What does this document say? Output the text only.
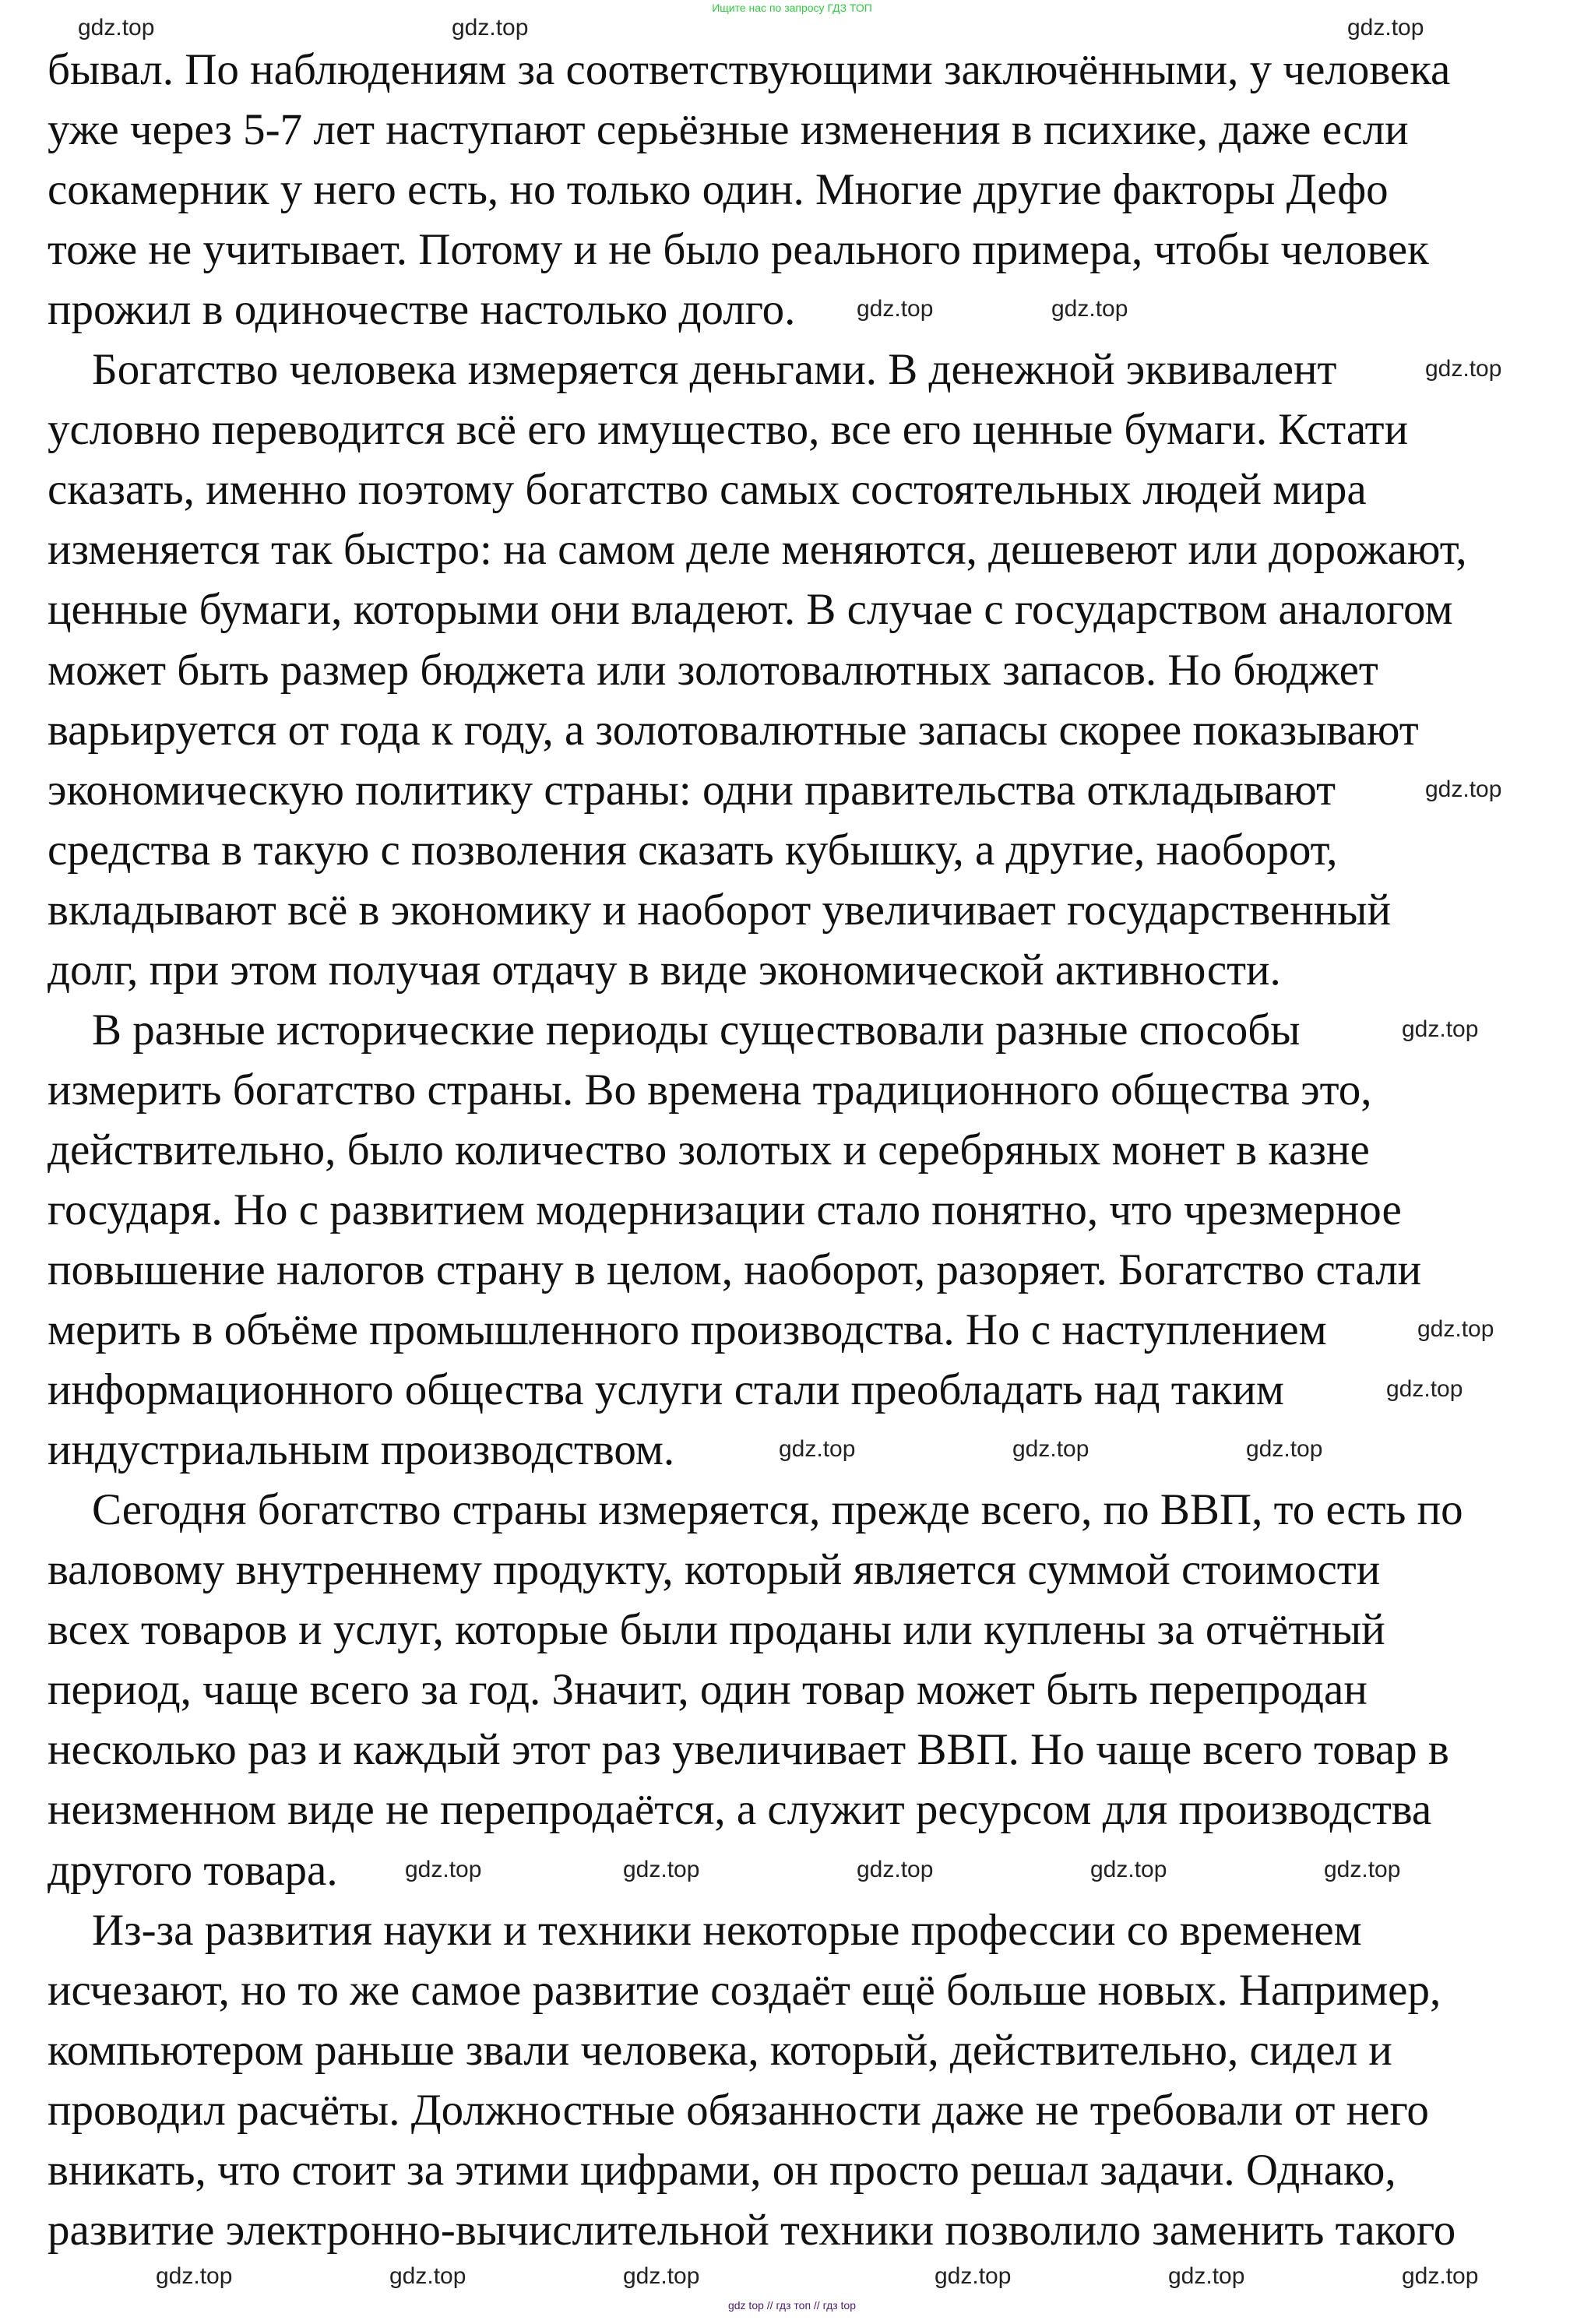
Ищите нас по запросу ГДЗ ТОП
бывал. По наблюдениям за соответствующими заключёнными, у человека
уже через 5-7 лет наступают серьёзные изменения в психике, даже если
сокамерник у него есть, но только один. Многие другие факторы Дефо
тоже не учитывает. Потому и не было реального примера, чтобы человек
прожил в одиночестве настолько долго.
Богатство человека измеряется деньгами. В денежной эквивалент
условно переводится всё его имущество, все его ценные бумаги. Кстати
сказать, именно поэтому богатство самых состоятельных людей мира
изменяется так быстро: на самом деле меняются, дешевеют или дорожают,
ценные бумаги, которыми они владеют. В случае с государством аналогом
может быть размер бюджета или золотовалютных запасов. Но бюджет
варьируется от года к году, а золотовалютные запасы скорее показывают
экономическую политику страны: одни правительства откладывают
средства в такую с позволения сказать кубышку, а другие, наоборот,
вкладывают всё в экономику и наоборот увеличивает государственный
долг, при этом получая отдачу в виде экономической активности.
В разные исторические периоды существовали разные способы
измерить богатство страны. Во времена традиционного общества это,
действительно, было количество золотых и серебряных монет в казне
государя. Но с развитием модернизации стало понятно, что чрезмерное
повышение налогов страну в целом, наоборот, разоряет. Богатство стали
мерить в объёме промышленного производства. Но с наступлением
информационного общества услуги стали преобладать над таким
индустриальным производством.
Сегодня богатство страны измеряется, прежде всего, по ВВП, то есть по
валовому внутреннему продукту, который является суммой стоимости
всех товаров и услуг, которые были проданы или куплены за отчётный
период, чаще всего за год. Значит, один товар может быть перепродан
несколько раз и каждый этот раз увеличивает ВВП. Но чаще всего товар в
неизменном виде не перепродаётся, а служит ресурсом для производства
другого товара.
Из-за развития науки и техники некоторые профессии со временем
исчезают, но то же самое развитие создаёт ещё больше новых. Например,
компьютером раньше звали человека, который, действительно, сидел и
проводил расчёты. Должностные обязанности даже не требовали от него
вникать, что стоит за этими цифрами, он просто решал задачи. Однако,
развитие электронно-вычислительной техники позволило заменить такого
gdz.top	gdz.top	gdz.top
gdz.top	gdz.top
gdz.top
gdz.top
gdz.top
gdz.top
gdz.top
gdz.top	gdz.top	gdz.top
gdz.top	gdz.top	gdz.top	gdz.top	gdz.top
gdz.top	gdz.top	gdz.top	gdz.top	gdz.top	gdz.top
gdz top // гдз топ // гдз top
